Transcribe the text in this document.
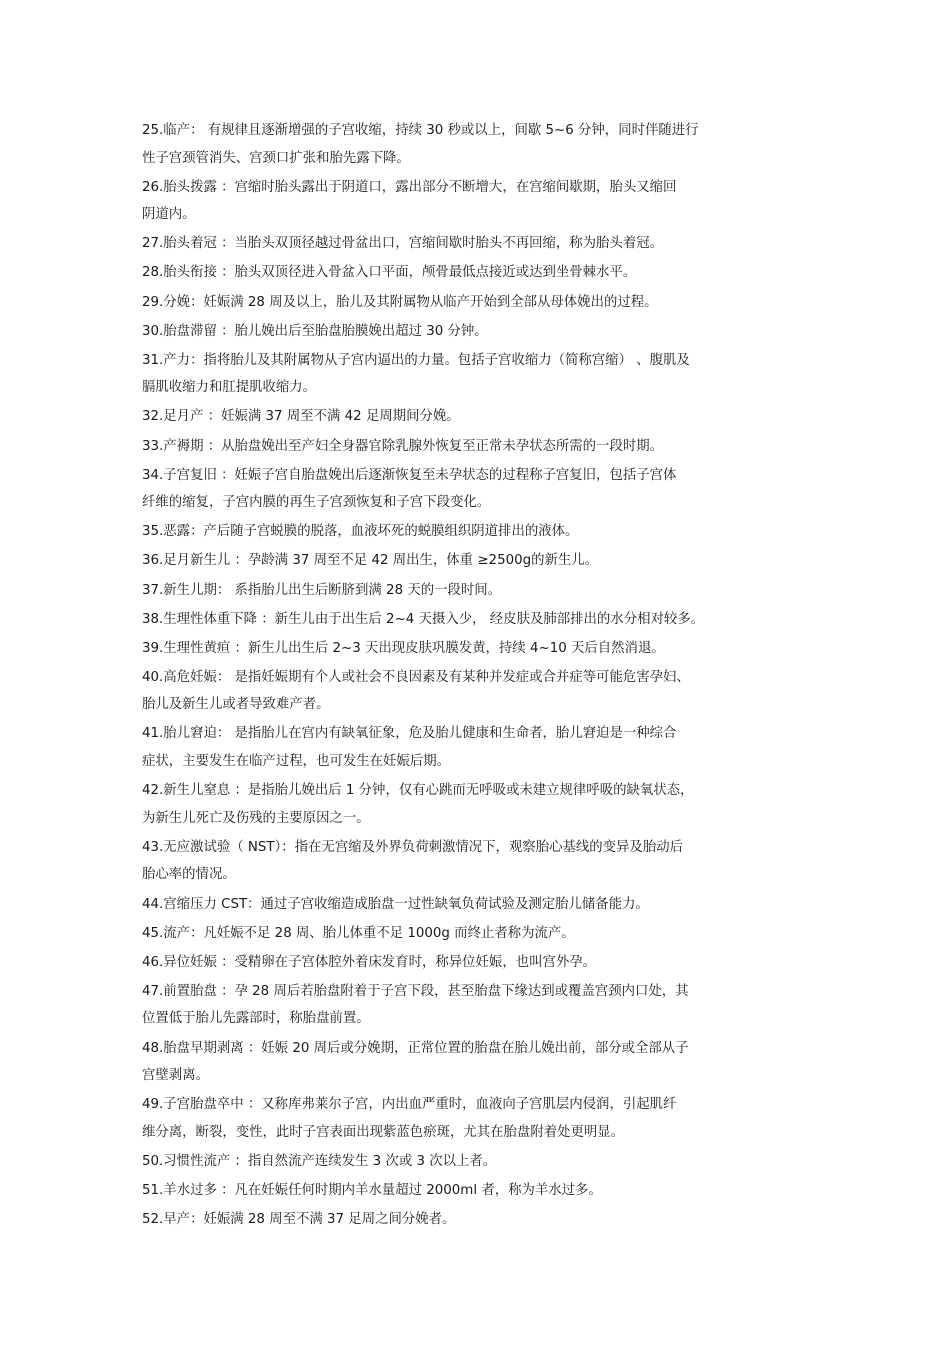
25.临产： 有规律且逐渐增强的子宫收缩，持续 30 秒或以上，间歇 5~6 分钟，同时伴随进行

性子宫颈管消失、宫颈口扩张和胎先露下降。

26.胎头拨露 ：宫缩时胎头露出于阴道口，露出部分不断增大，在宫缩间歇期，胎头又缩回

阴道内。

27.胎头着冠 ：当胎头双顶径越过骨盆出口，宫缩间歇时胎头不再回缩，称为胎头着冠。

28.胎头衔接 ：胎头双顶径进入骨盆入口平面，颅骨最低点接近或达到坐骨棘水平。

29.分娩：妊娠满 28 周及以上，胎儿及其附属物从临产开始到全部从母体娩出的过程。

30.胎盘滞留 ：胎儿娩出后至胎盘胎膜娩出超过 30 分钟。

31.产力：指将胎儿及其附属物从子宫内逼出的力量。包括子宫收缩力（简称宫缩） 、腹肌及

膈肌收缩力和肛提肌收缩力。

32.足月产 ：妊娠满 37 周至不满 42 足周期间分娩。

33.产褥期 ：从胎盘娩出至产妇全身器官除乳腺外恢复至正常未孕状态所需的一段时期。

34.子宫复旧 ：妊娠子宫自胎盘娩出后逐渐恢复至未孕状态的过程称子宫复旧，包括子宫体

纤维的缩复，子宫内膜的再生子宫颈恢复和子宫下段变化。

35.恶露：产后随子宫蜕膜的脱落，血液坏死的蜕膜组织阴道排出的液体。

36.足月新生儿 ：孕龄满 37 周至不足 42 周出生，体重 ≥2500g的新生儿。

37.新生儿期： 系指胎儿出生后断脐到满 28 天的一段时间。

38.生理性体重下降 ：新生儿由于出生后 2~4 天摄入少， 经皮肤及肺部排出的水分相对较多。

39.生理性黄疸 ：新生儿出生后 2~3 天出现皮肤巩膜发黄，持续 4~10 天后自然消退。

40.高危妊娠： 是指妊娠期有个人或社会不良因素及有某种并发症或合并症等可能危害孕妇、

胎儿及新生儿或者导致难产者。

41.胎儿窘迫： 是指胎儿在宫内有缺氧征象，危及胎儿健康和生命者，胎儿窘迫是一种综合

症状，主要发生在临产过程，也可发生在妊娠后期。

42.新生儿窒息 ：是指胎儿娩出后 1 分钟，仅有心跳而无呼吸或未建立规律呼吸的缺氧状态，

为新生儿死亡及伤残的主要原因之一。

43.无应激试验（ NST）：指在无宫缩及外界负荷刺激情况下，观察胎心基线的变异及胎动后

胎心率的情况。

44.宫缩压力 CST：通过子宫收缩造成胎盘一过性缺氧负荷试验及测定胎儿储备能力。

45.流产：凡妊娠不足 28 周、胎儿体重不足 1000g 而终止者称为流产。

46.异位妊娠 ：受精卵在子宫体腔外着床发育时，称异位妊娠，也叫宫外孕。

47.前置胎盘 ：孕 28 周后若胎盘附着于子宫下段，甚至胎盘下缘达到或覆盖宫颈内口处，其

位置低于胎儿先露部时，称胎盘前置。

48.胎盘早期剥离 ：妊娠 20 周后或分娩期，正常位置的胎盘在胎儿娩出前，部分或全部从子

宫壁剥离。

49.子宫胎盘卒中 ：又称库弗莱尔子宫，内出血严重时，血液向子宫肌层内侵润，引起肌纤

维分离，断裂，变性，此时子宫表面出现紫蓝色瘀斑，尤其在胎盘附着处更明显。

50.习惯性流产 ：指自然流产连续发生 3 次或 3 次以上者。

51.羊水过多 ：凡在妊娠任何时期内羊水量超过 2000ml 者，称为羊水过多。

52.早产：妊娠满 28 周至不满 37 足周之间分娩者。
